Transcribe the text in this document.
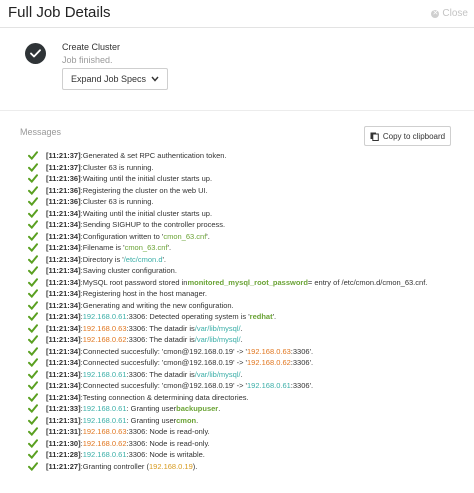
Full Job Details	✕ Close
Create Cluster
Job finished.
Expand Job Specs
Messages	Copy to clipboard
[11:21:37] :Generated & set RPC authentication token.
[11:21:37] :Cluster 63 is running.
[11:21:36] :Waiting until the initial cluster starts up.
[11:21:36] :Registering the cluster on the web UI.
[11:21:36] :Cluster 63 is running.
[11:21:34] :Waiting until the initial cluster starts up.
[11:21:34] :Sending SIGHUP to the controller process.
[11:21:34] :Configuration written to ' cmon_63.cnf '.
[11:21:34] :Filename is ' cmon_63.cnf '.
[11:21:34] :Directory is ' /etc/cmon.d '.
[11:21:34] :Saving cluster configuration.
[11:21:34] :MySQL root password stored in monitored_mysql_root_password = entry of /etc/cmon.d/cmon_63.cnf.
[11:21:34] :Registering host in the host manager.
[11:21:34] :Generating and writing the new configuration.
[11:21:34] : 192.168.0.61 :3306: Detected operating system is ' redhat '.
[11:21:34] : 192.168.0.63 :3306: The datadir is /var/lib/mysql/ .
[11:21:34] : 192.168.0.62 :3306: The datadir is /var/lib/mysql/ .
[11:21:34] :Connected succesfully: 'cmon@192.168.0.19' -> ' 192.168.0.63 :3306'.
[11:21:34] :Connected succesfully: 'cmon@192.168.0.19' -> ' 192.168.0.62 :3306'.
[11:21:34] : 192.168.0.61 :3306: The datadir is /var/lib/mysql/ .
[11:21:34] :Connected succesfully: 'cmon@192.168.0.19' -> ' 192.168.0.61 :3306'.
[11:21:34] :Testing connection & determining data directories.
[11:21:33] : 192.168.0.61 : Granting user backupuser .
[11:21:31] : 192.168.0.61 : Granting user cmon .
[11:21:31] : 192.168.0.63 :3306: Node is read-only.
[11:21:30] : 192.168.0.62 :3306: Node is read-only.
[11:21:28] : 192.168.0.61 :3306: Node is writable.
[11:21:27] :Granting controller ( 192.168.0.19 ).
